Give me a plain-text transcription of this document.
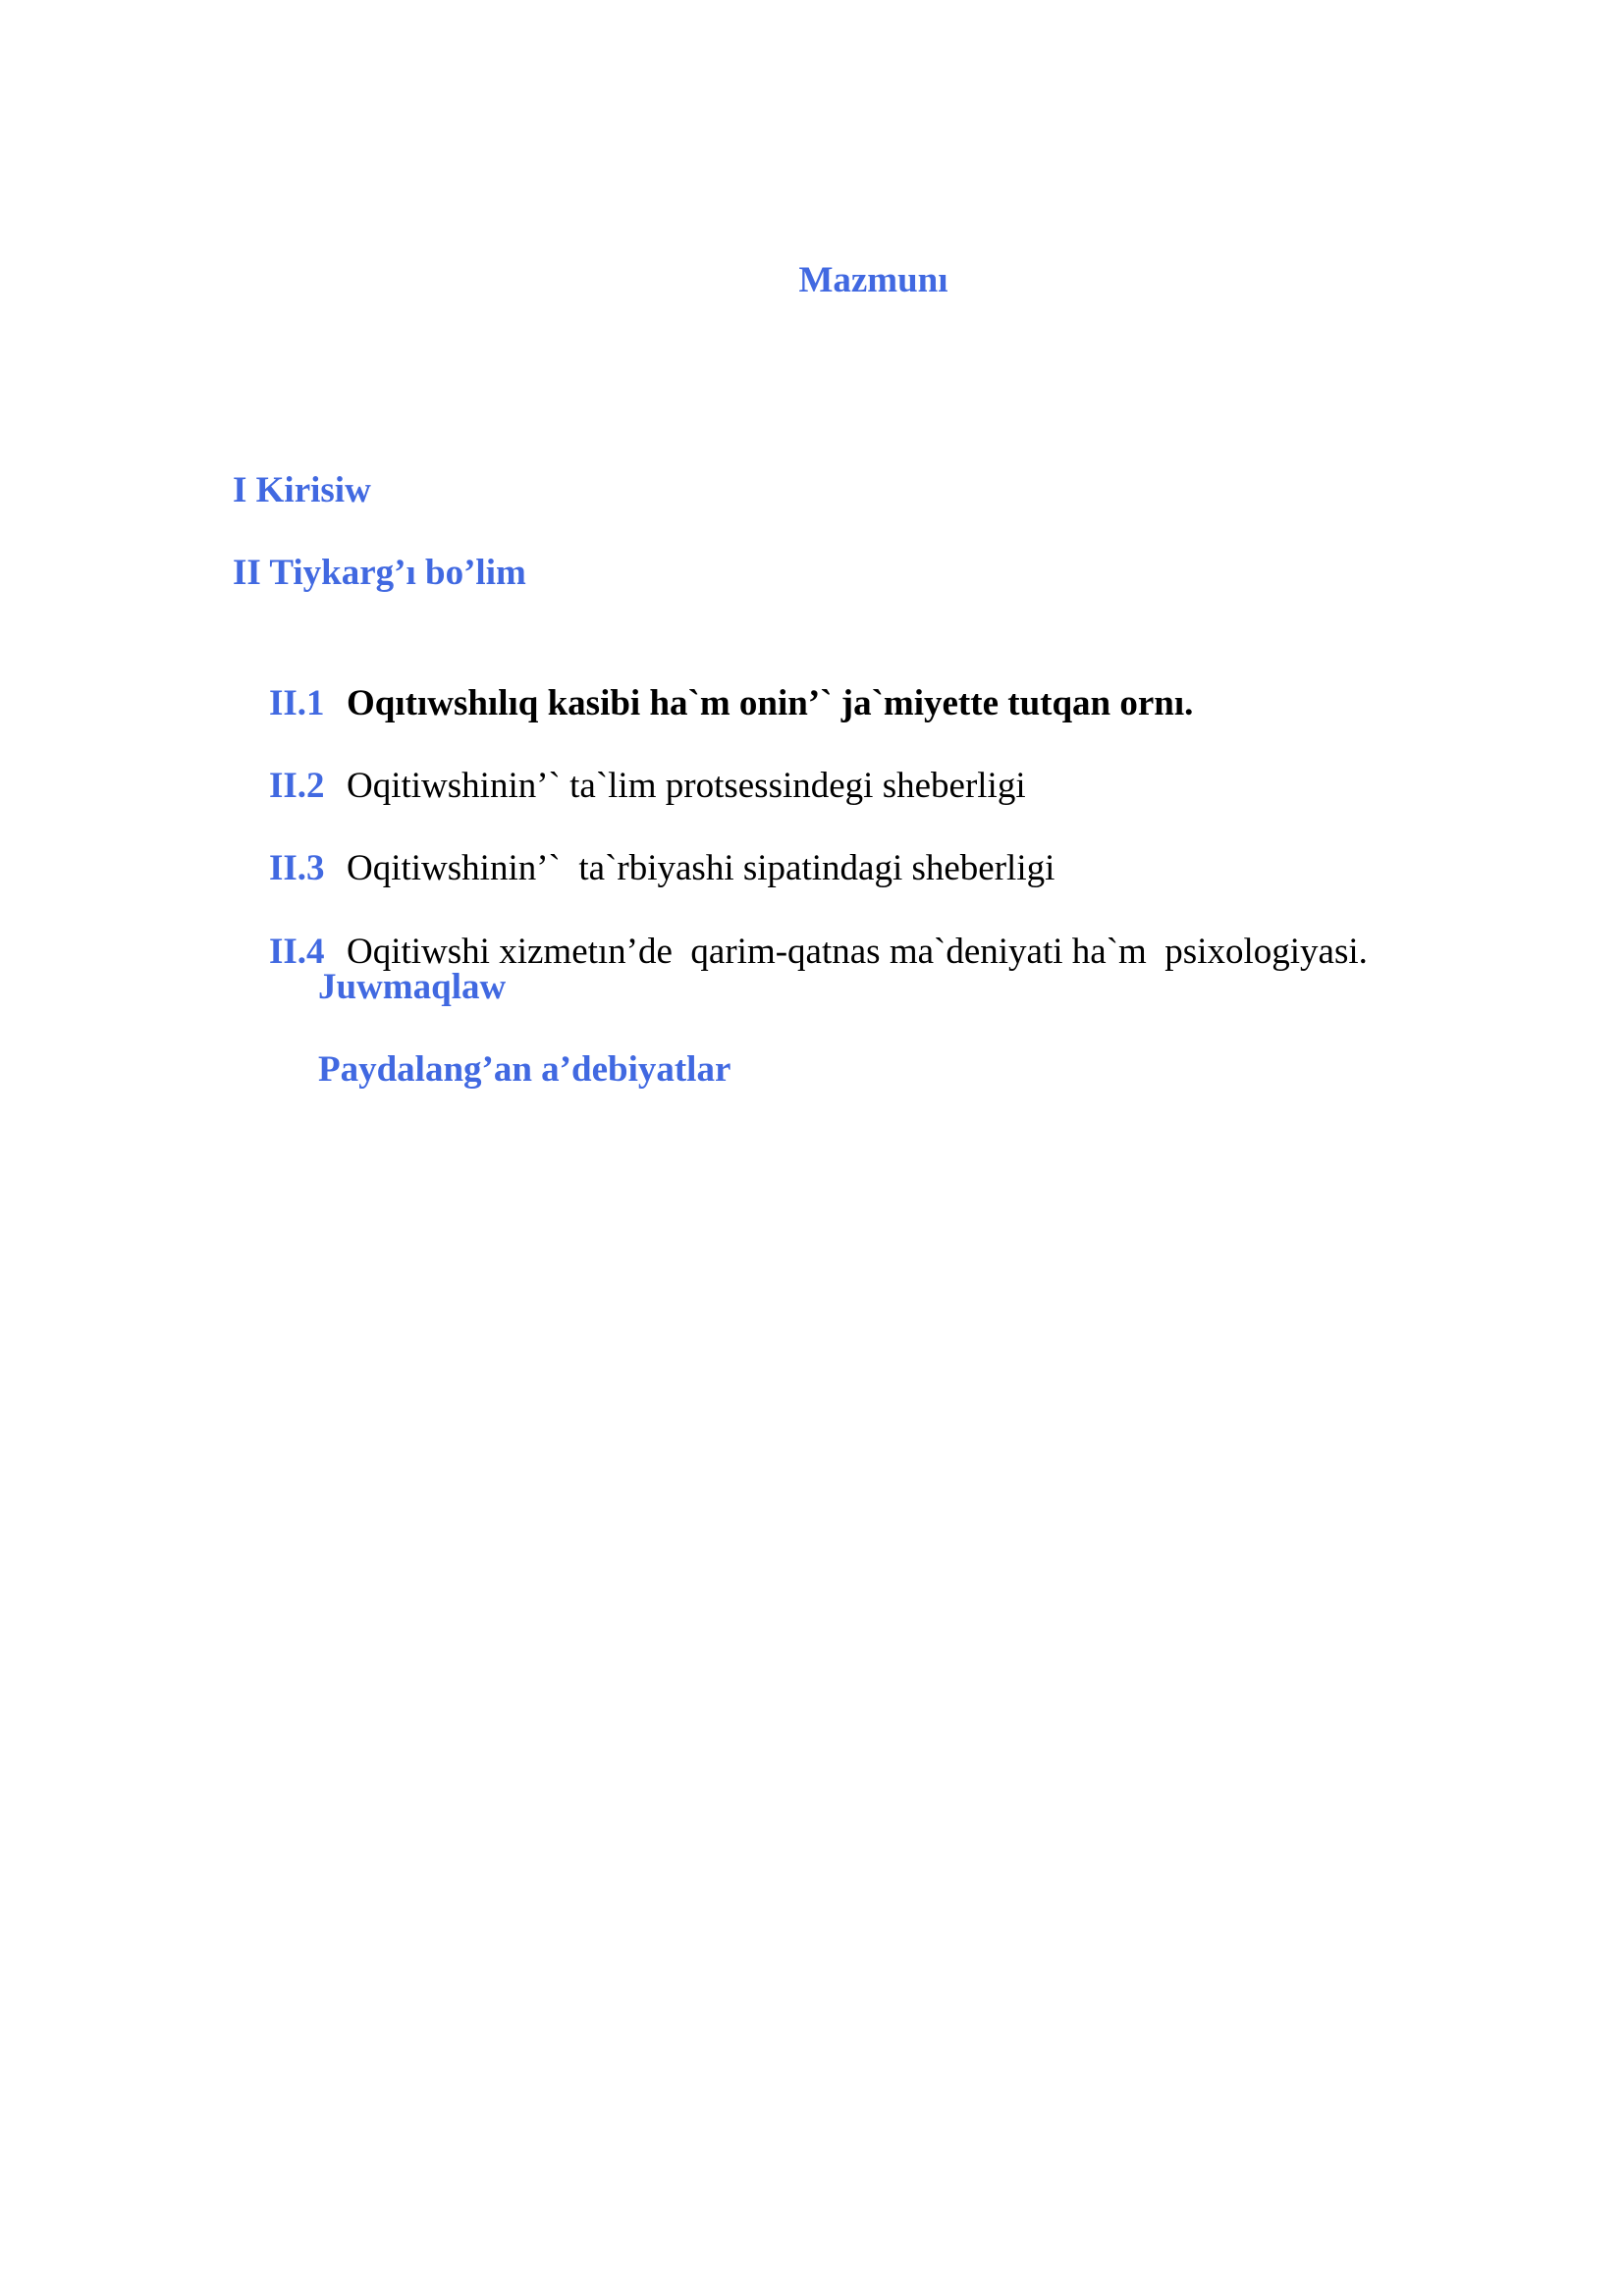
Mazmunı
I Kirisiw
II Tiykarg’ı bo’lim

II.1 Oqıtıwshılıq kasibi ha`m onin’` ja`miyette tutqan ornı.

II.2 Oqitiwshinin’` ta`lim protsessindegi sheberligi

II.3 Oqitiwshinin’`  ta`rbiyashi sipatindagi sheberligi

II.4 Oqitiwshi xizmetın’de  qarim-qatnas ma`deniyati ha`m  psixologiyasi.

Juwmaqlaw
Paydalang’an a’debiyatlar
